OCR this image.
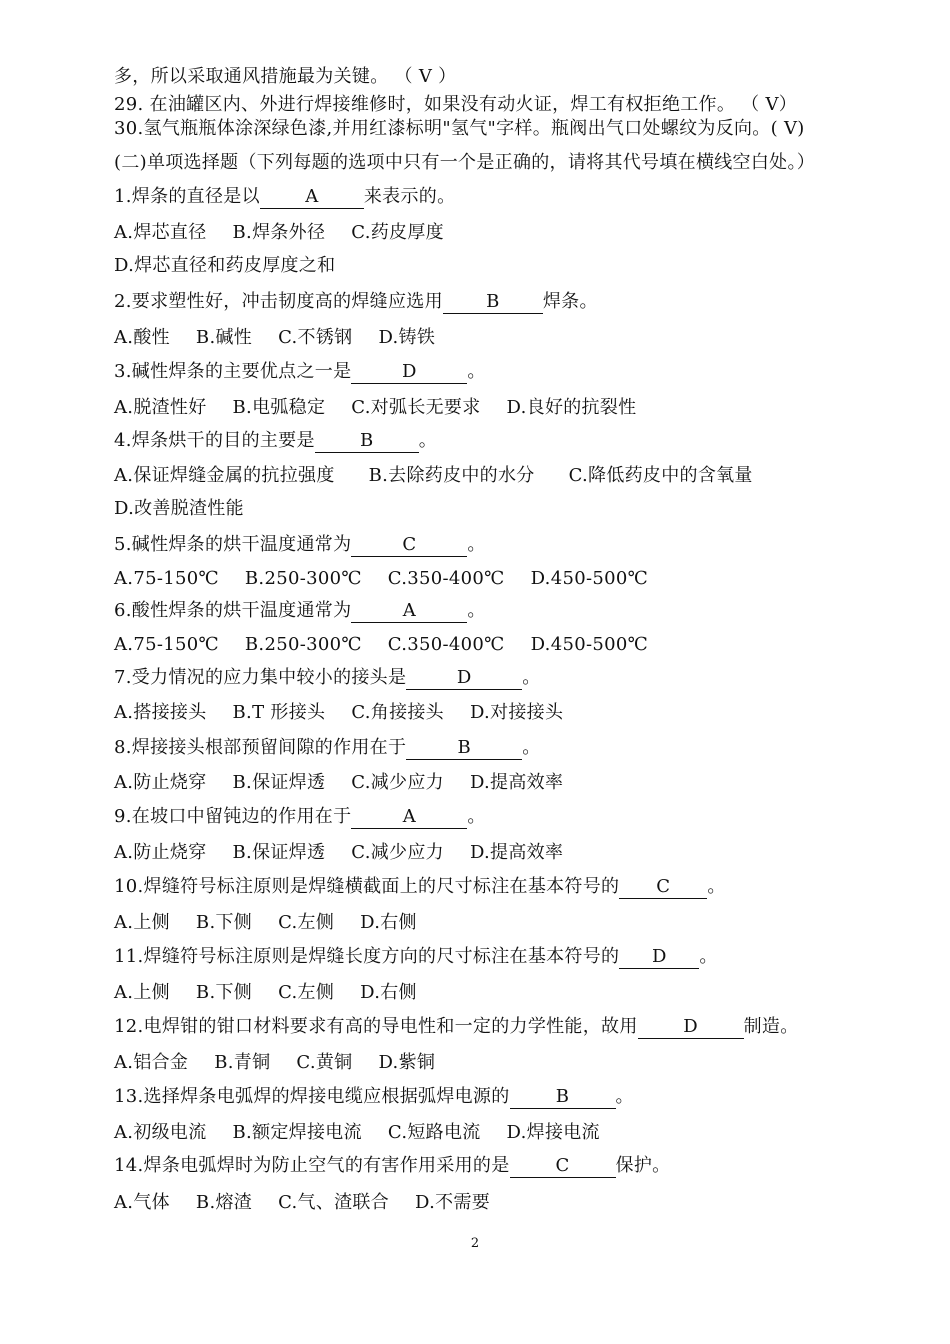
多，所以采取通风措施最为关键。 （ V ）
29. 在油罐区内、外进行焊接维修时，如果没有动火证，焊工有权拒绝工作。 （ V）
30.氢气瓶瓶体涂深绿色漆,并用红漆标明"氢气"字样。瓶阀出气口处螺纹为反向。( V)
(二)单项选择题（下列每题的选项中只有一个是正确的，请将其代号填在横线空白处。）
1.焊条的直径是以	A	来表示的。
A.焊芯直径 B.焊条外径 C.药皮厚度
D.焊芯直径和药皮厚度之和
2.要求塑性好，冲击韧度高的焊缝应选用 B 焊条。
A.酸性 B.碱性 C.不锈钢 D.铸铁
3.碱性焊条的主要优点之一是	D	。
A.脱渣性好 B.电弧稳定 C.对弧长无要求 D.良好的抗裂性
4.焊条烘干的目的主要是	B	。
A.保证焊缝金属的抗拉强度 B.去除药皮中的水分 C.降低药皮中的含氧量
D.改善脱渣性能
5.碱性焊条的烘干温度通常为	C	。
A.75-150℃ B.250-300℃ C.350-400℃ D.450-500℃
6.酸性焊条的烘干温度通常为	A	。
A.75-150℃ B.250-300℃ C.350-400℃ D.450-500℃
7.受力情况的应力集中较小的接头是	D	。
A.搭接接头 B.T 形接头 C.角接接头 D.对接接头
8.焊接接头根部预留间隙的作用在于	B	。
A.防止烧穿 B.保证焊透 C.减少应力 D.提高效率
9.在坡口中留钝边的作用在于	A	。
A.防止烧穿 B.保证焊透 C.减少应力 D.提高效率
10.焊缝符号标注原则是焊缝横截面上的尺寸标注在基本符号的 C 。
A.上侧 B.下侧 C.左侧 D.右侧
11.焊缝符号标注原则是焊缝长度方向的尺寸标注在基本符号的 D 。
A.上侧 B.下侧 C.左侧 D.右侧
12.电焊钳的钳口材料要求有高的导电性和一定的力学性能，故用	D	制造。
A.铝合金 B.青铜 C.黄铜 D.紫铜
13.选择焊条电弧焊的焊接电缆应根据弧焊电源的	B	。
A.初级电流 B.额定焊接电流 C.短路电流 D.焊接电流
14.焊条电弧焊时为防止空气的有害作用采用的是	C	保护。
A.气体 B.熔渣 C.气、渣联合 D.不需要
2
